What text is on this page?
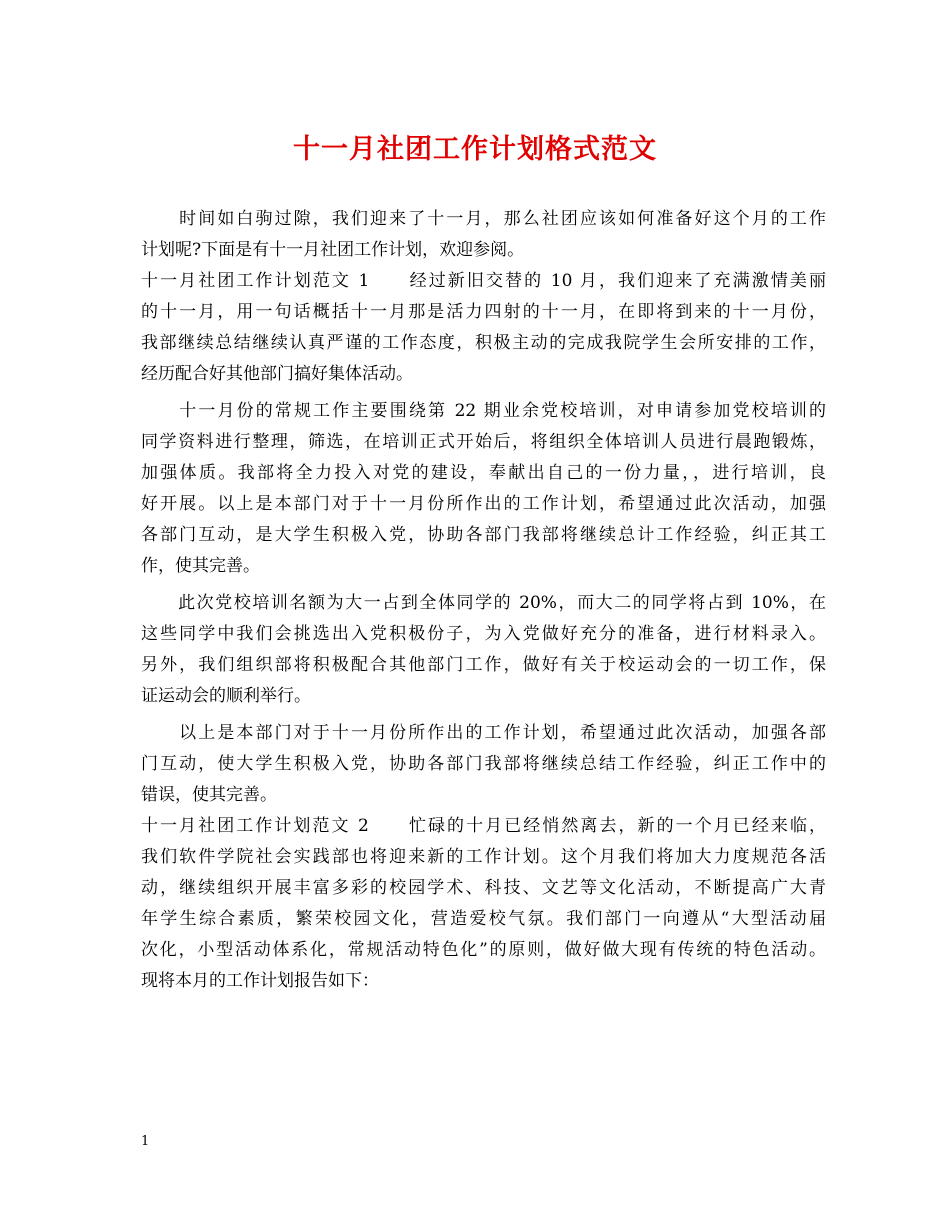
十一月社团工作计划格式范文
　　时间如白驹过隙，我们迎来了十一月，那么社团应该如何准备好这个月的工作
计划呢?下面是有十一月社团工作计划，欢迎参阅。
十一月社团工作计划范文 1　　经过新旧交替的 10 月，我们迎来了充满激情美丽
的十一月，用一句话概括十一月那是活力四射的十一月，在即将到来的十一月份，
我部继续总结继续认真严谨的工作态度，积极主动的完成我院学生会所安排的工作，
经历配合好其他部门搞好集体活动。
　　十一月份的常规工作主要围绕第 22 期业余党校培训，对申请参加党校培训的
同学资料进行整理，筛选，在培训正式开始后，将组织全体培训人员进行晨跑锻炼，
加强体质。我部将全力投入对党的建设，奉献出自己的一份力量，，进行培训，良
好开展。以上是本部门对于十一月份所作出的工作计划，希望通过此次活动，加强
各部门互动，是大学生积极入党，协助各部门我部将继续总计工作经验，纠正其工
作，使其完善。
　　此次党校培训名额为大一占到全体同学的 20%，而大二的同学将占到 10%，在
这些同学中我们会挑选出入党积极份子，为入党做好充分的准备，进行材料录入。
另外，我们组织部将积极配合其他部门工作，做好有关于校运动会的一切工作，保
证运动会的顺利举行。
　　以上是本部门对于十一月份所作出的工作计划，希望通过此次活动，加强各部
门互动，使大学生积极入党，协助各部门我部将继续总结工作经验，纠正工作中的
错误，使其完善。
十一月社团工作计划范文 2　　忙碌的十月已经悄然离去，新的一个月已经来临，
我们软件学院社会实践部也将迎来新的工作计划。这个月我们将加大力度规范各活
动，继续组织开展丰富多彩的校园学术、科技、文艺等文化活动，不断提高广大青
年学生综合素质，繁荣校园文化，营造爱校气氛。我们部门一向遵从“大型活动届
次化，小型活动体系化，常规活动特色化”的原则，做好做大现有传统的特色活动。
现将本月的工作计划报告如下：
1
